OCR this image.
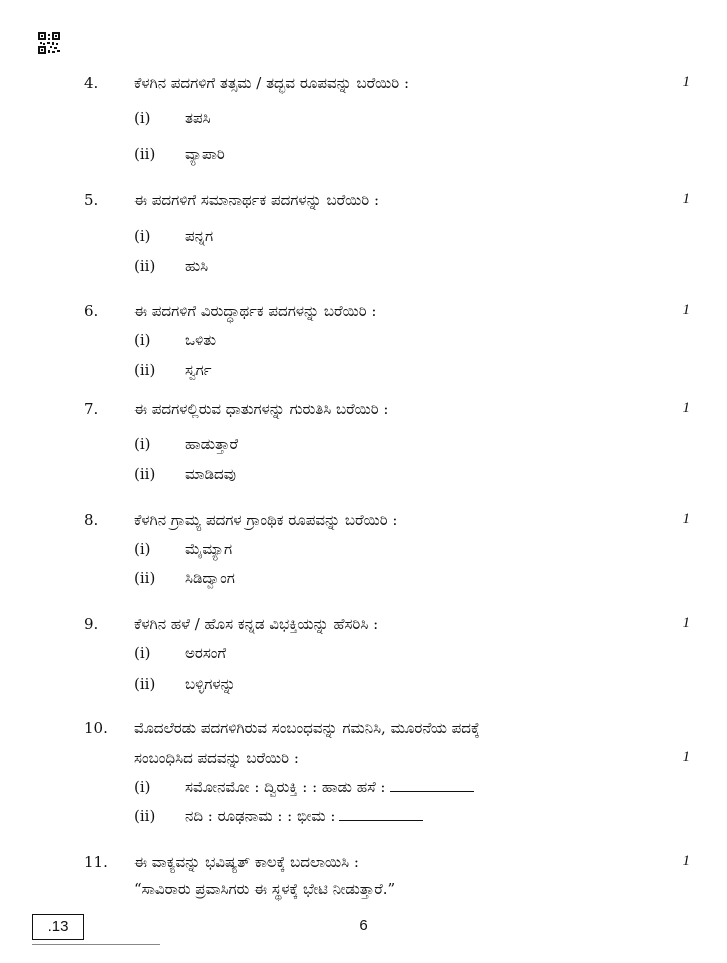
4. ಕೆಳಗಿನ ಪದಗಳಿಗೆ ತತ್ಸಮ / ತದ್ಭವ ರೂಪವನ್ನು ಬರೆಯಿರಿ :	1
(i) ತಪಸಿ
(ii) ವ್ಯಾಪಾರಿ
5. ಈ ಪದಗಳಿಗೆ ಸಮಾನಾರ್ಥಕ ಪದಗಳನ್ನು ಬರೆಯಿರಿ :	1
(i) ಪನ್ನಗ
(ii) ಹುಸಿ
6. ಈ ಪದಗಳಿಗೆ ವಿರುದ್ಧಾರ್ಥಕ ಪದಗಳನ್ನು ಬರೆಯಿರಿ :	1
(i) ಒಳಿತು
(ii) ಸ್ವರ್ಗ
7. ಈ ಪದಗಳಲ್ಲಿರುವ ಧಾತುಗಳನ್ನು ಗುರುತಿಸಿ ಬರೆಯಿರಿ :	1
(i) ಹಾಡುತ್ತಾರೆ
(ii) ಮಾಡಿದವು
8. ಕೆಳಗಿನ ಗ್ರಾಮ್ಯ ಪದಗಳ ಗ್ರಾಂಥಿಕ ರೂಪವನ್ನು ಬರೆಯಿರಿ :	1
(i) ಮೈಮ್ಯಾಗ
(ii) ಸಿಡಿದ್ವಾಂಗ
9. ಕೆಳಗಿನ ಹಳೆ / ಹೊಸ ಕನ್ನಡ ವಿಭಕ್ತಿಯನ್ನು ಹೆಸರಿಸಿ :	1
(i) ಅರಸಂಗೆ
(ii) ಬಳ್ಳಿಗಳನ್ನು
10. ಮೊದಲೆರಡು ಪದಗಳಿಗಿರುವ ಸಂಬಂಧವನ್ನು ಗಮನಿಸಿ, ಮೂರನೆಯ ಪದಕ್ಕೆ
ಸಂಬಂಧಿಸಿದ ಪದವನ್ನು ಬರೆಯಿರಿ :	1
(i) ಸಮೋನಮೋ : ದ್ವಿರುಕ್ತಿ : : ಹಾಡು ಹಸೆ :
(ii) ನದಿ : ರೂಢನಾಮ : : ಭೀಮ :
11. ಈ ವಾಕ್ಯವನ್ನು ಭವಿಷ್ಯತ್ ಕಾಲಕ್ಕೆ ಬದಲಾಯಿಸಿ :	1
“ಸಾವಿರಾರು ಪ್ರವಾಸಿಗರು ಈ ಸ್ಥಳಕ್ಕೆ ಭೇಟಿ ನೀಡುತ್ತಾರೆ.”
.13	6
